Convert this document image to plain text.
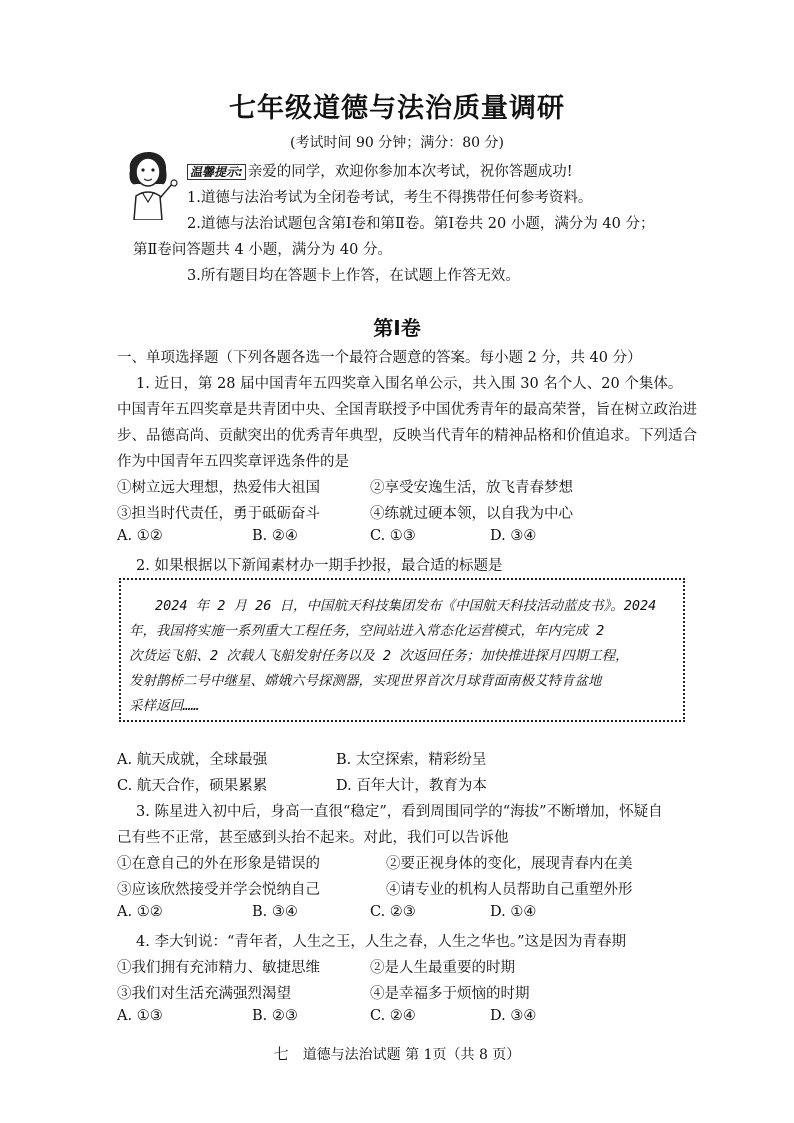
七年级道德与法治质量调研
(考试时间 90 分钟；满分：80 分)
温馨提示: 亲爱的同学，欢迎你参加本次考试，祝你答题成功!
1.道德与法治考试为全闭卷考试，考生不得携带任何参考资料。
2.道德与法治试题包含第Ⅰ卷和第Ⅱ卷。第Ⅰ卷共 20 小题，满分为 40 分；
第Ⅱ卷问答题共 4 小题，满分为 40 分。
3.所有题目均在答题卡上作答，在试题上作答无效。
第Ⅰ卷
一、单项选择题（下列各题各选一个最符合题意的答案。每小题 2 分，共 40 分）
1. 近日，第 28 届中国青年五四奖章入围名单公示，共入围 30 名个人、20 个集体。
中国青年五四奖章是共青团中央、全国青联授予中国优秀青年的最高荣誉，旨在树立政治进
步、品德高尚、贡献突出的优秀青年典型，反映当代青年的精神品格和价值追求。下列适合
作为中国青年五四奖章评选条件的是
①树立远大理想，热爱伟大祖国	②享受安逸生活，放飞青春梦想
③担当时代责任，勇于砥砺奋斗	④练就过硬本领，以自我为中心
A. ①②	B. ②④	C. ①③	D. ③④
2. 如果根据以下新闻素材办一期手抄报，最合适的标题是
2024 年 2 月 26 日，中国航天科技集团发布《中国航天科技活动蓝皮书》。2024
年，我国将实施一系列重大工程任务，空间站进入常态化运营模式，年内完成 2
次货运飞船、2 次载人飞船发射任务以及 2 次返回任务；加快推进探月四期工程，
发射鹊桥二号中继星、嫦娥六号探测器，实现世界首次月球背面南极艾特肯盆地
采样返回……
A. 航天成就，全球最强	B. 太空探索，精彩纷呈
C. 航天合作，硕果累累	D. 百年大计，教育为本
3. 陈星进入初中后，身高一直很“稳定”，看到周围同学的“海拔”不断增加，怀疑自
己有些不正常，甚至感到头抬不起来。对此，我们可以告诉他
①在意自己的外在形象是错误的	②要正视身体的变化，展现青春内在美
③应该欣然接受并学会悦纳自己	④请专业的机构人员帮助自己重塑外形
A. ①②	B. ③④	C. ②③	D. ①④
4. 李大钊说：“青年者，人生之王，人生之春，人生之华也。”这是因为青春期
①我们拥有充沛精力、敏捷思维	②是人生最重要的时期
③我们对生活充满强烈渴望	④是幸福多于烦恼的时期
A. ①③	B. ②③	C. ②④	D. ③④
七 道德与法治试题 第 1页（共 8 页）
